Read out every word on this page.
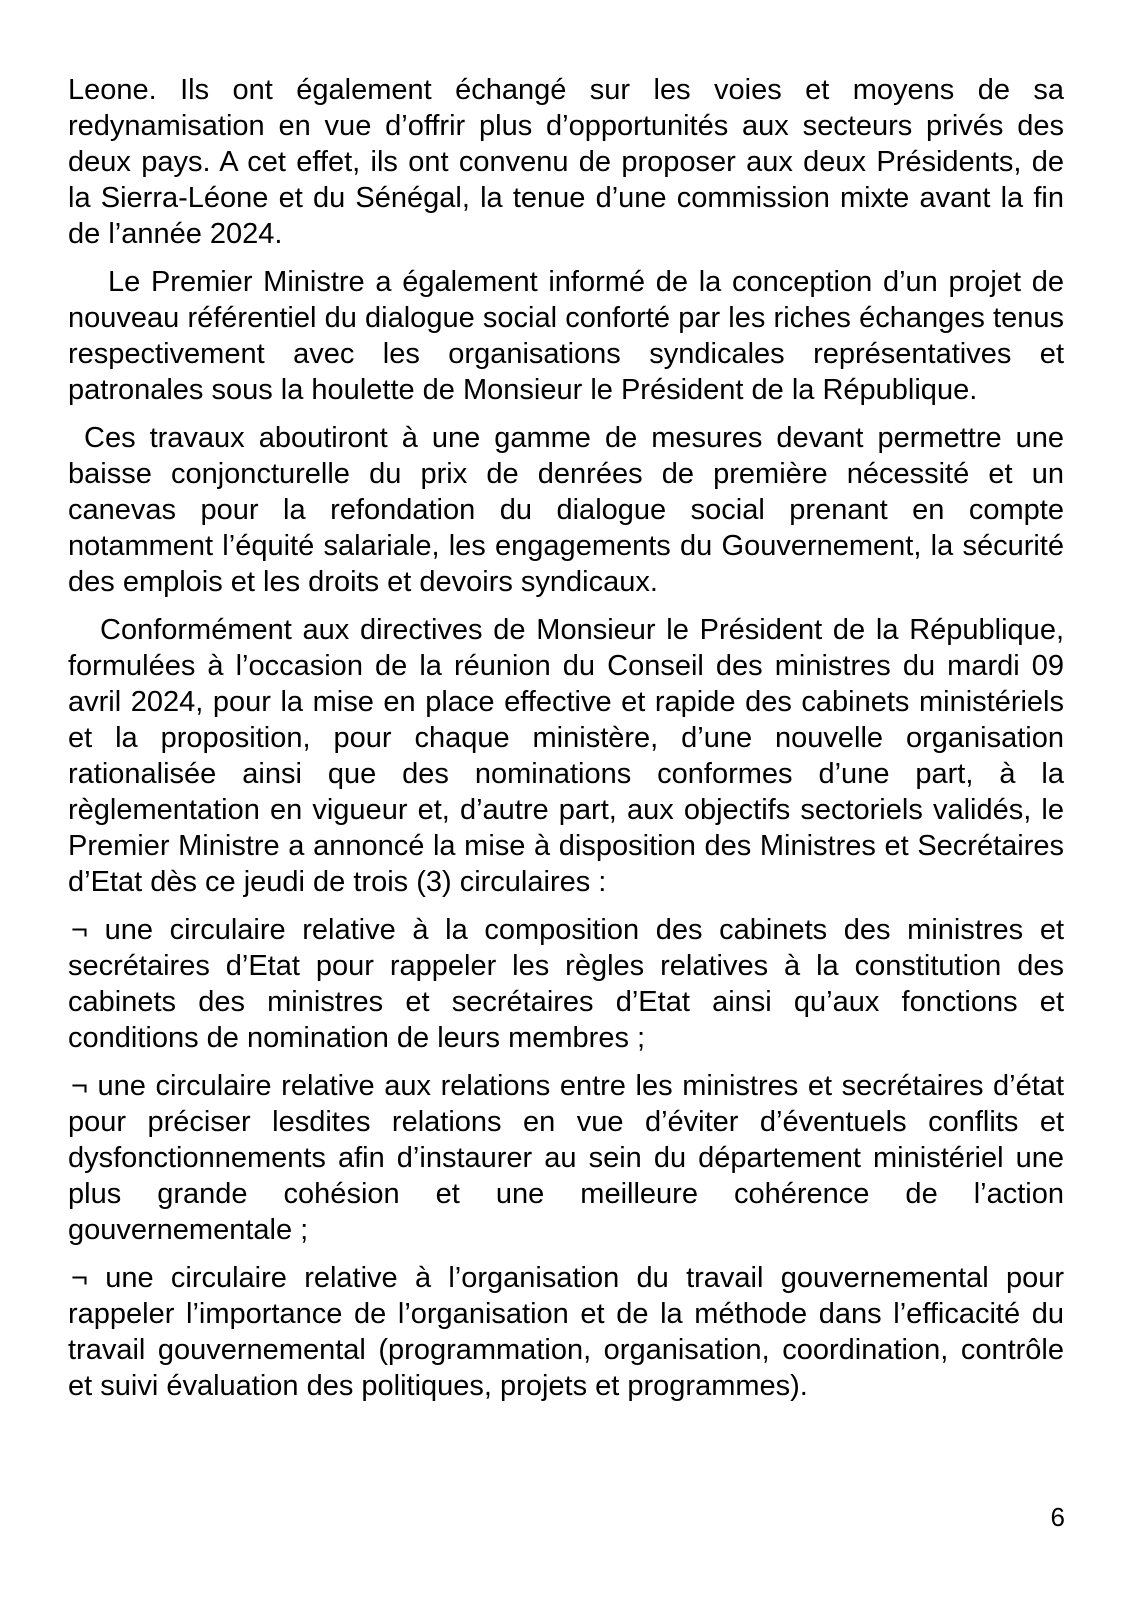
Leone. Ils ont également échangé sur les voies et moyens de sa redynamisation en vue d’offrir plus d’opportunités aux secteurs privés des deux pays. A cet effet, ils ont convenu de proposer aux deux Présidents, de la Sierra-Léone et du Sénégal, la tenue d’une commission mixte avant la fin de l’année 2024.

Le Premier Ministre a également informé de la conception d’un projet de nouveau référentiel du dialogue social conforté par les riches échanges tenus respectivement avec les organisations syndicales représentatives et patronales sous la houlette de Monsieur le Président de la République.

Ces travaux aboutiront à une gamme de mesures devant permettre une baisse conjoncturelle du prix de denrées de première nécessité et un canevas pour la refondation du dialogue social prenant en compte notamment l’équité salariale, les engagements du Gouvernement, la sécurité des emplois et les droits et devoirs syndicaux.

Conformément aux directives de Monsieur le Président de la République, formulées à l’occasion de la réunion du Conseil des ministres du mardi 09 avril 2024, pour la mise en place effective et rapide des cabinets ministériels et la proposition, pour chaque ministère, d’une nouvelle organisation rationalisée ainsi que des nominations conformes d’une part, à la règlementation en vigueur et, d’autre part, aux objectifs sectoriels validés, le Premier Ministre a annoncé la mise à disposition des Ministres et Secrétaires d’Etat dès ce jeudi de trois (3) circulaires :

¬ une circulaire relative à la composition des cabinets des ministres et secrétaires d’Etat pour rappeler les règles relatives à la constitution des cabinets des ministres et secrétaires d’Etat ainsi qu’aux fonctions et conditions de nomination de leurs membres ;

¬ une circulaire relative aux relations entre les ministres et secrétaires d’état pour préciser lesdites relations en vue d’éviter d’éventuels conflits et dysfonctionnements afin d’instaurer au sein du département ministériel une plus grande cohésion et une meilleure cohérence de l’action gouvernementale ;

¬ une circulaire relative à l’organisation du travail gouvernemental pour rappeler l’importance de l’organisation et de la méthode dans l’efficacité du travail gouvernemental (programmation, organisation, coordination, contrôle et suivi évaluation des politiques, projets et programmes).

6
